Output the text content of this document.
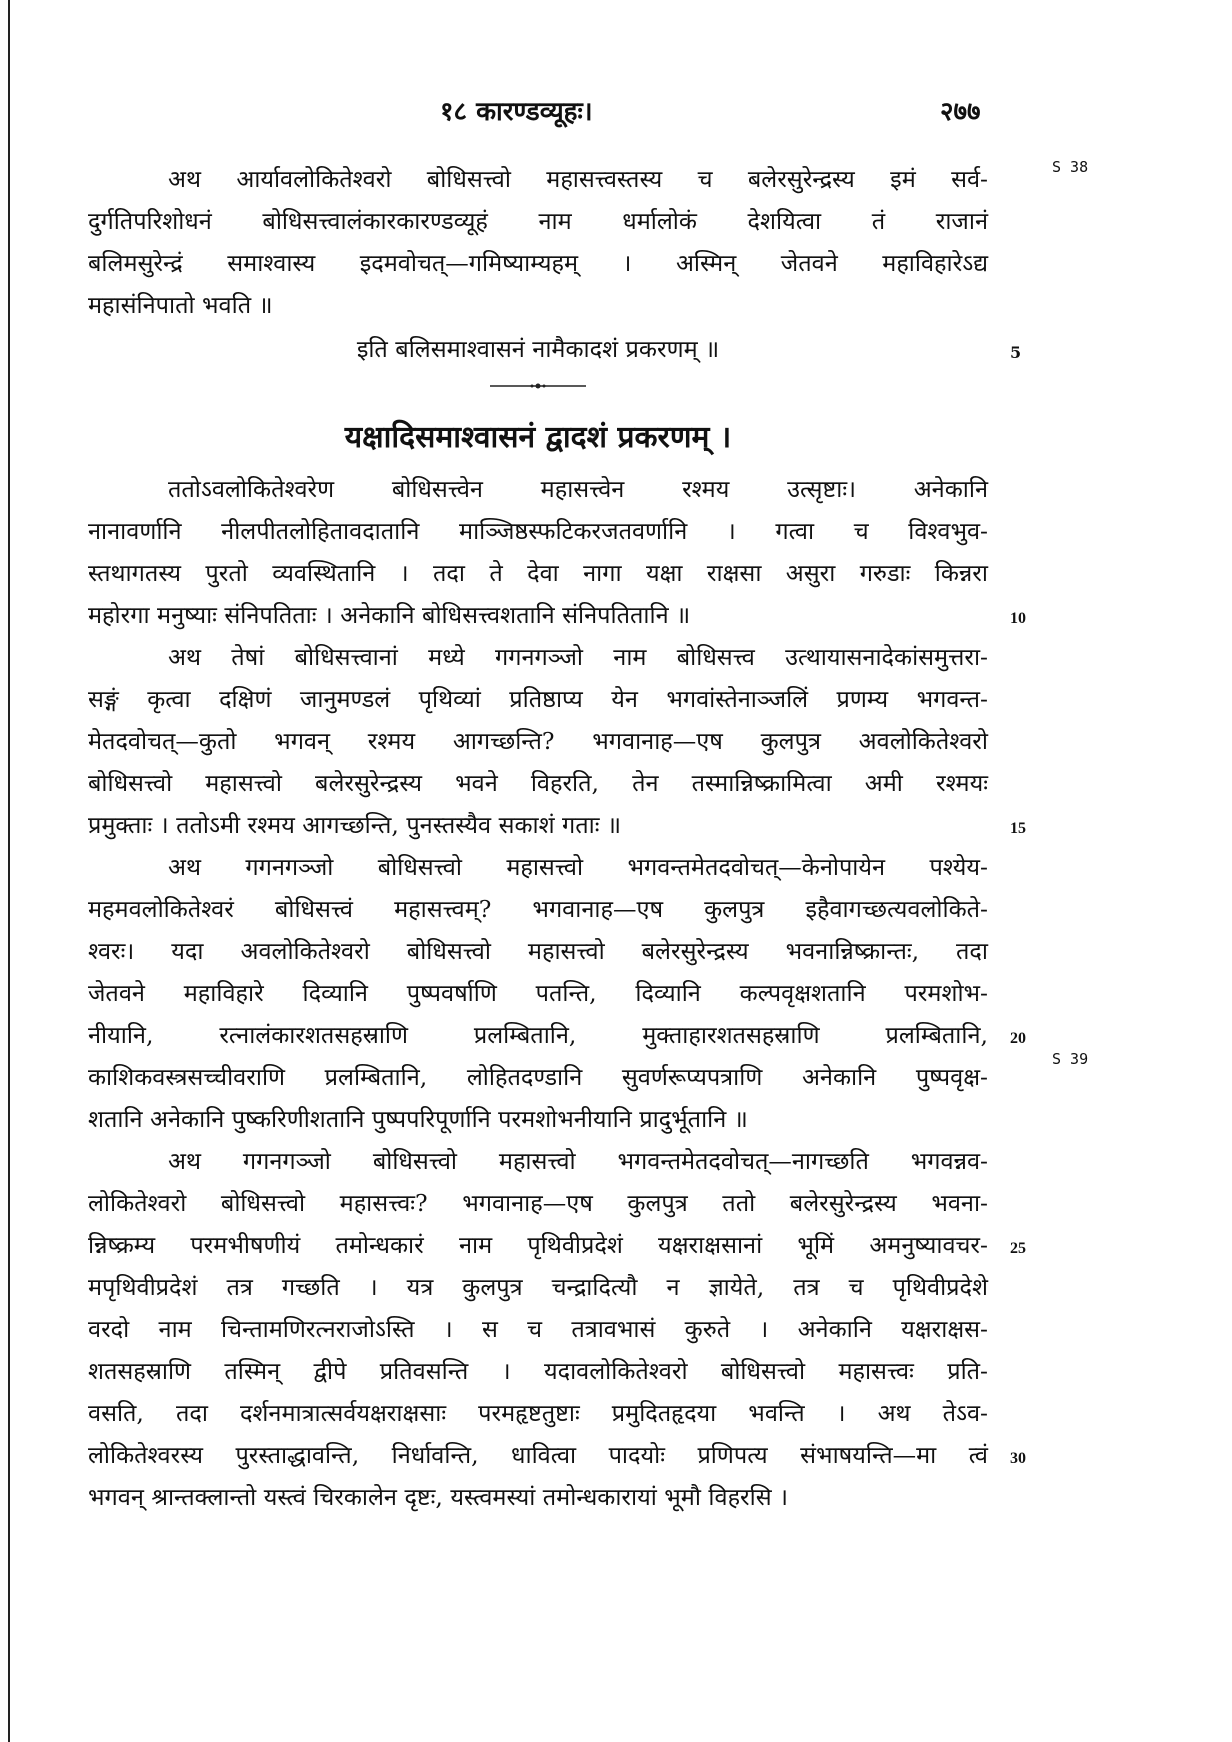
१८ कारण्डव्यूहः।	२७७
S 38
S 39
अथ आर्यावलोकितेश्वरो बोधिसत्त्वो महासत्त्वस्तस्य च बलेरसुरेन्द्रस्य इमं सर्व-
दुर्गतिपरिशोधनं बोधिसत्त्वालंकारकारण्डव्यूहं नाम धर्मालोकं देशयित्वा तं राजानं
बलिमसुरेन्द्रं समाश्वास्य इदमवोचत्—गमिष्याम्यहम् । अस्मिन् जेतवने महाविहारेऽद्य
महासंनिपातो भवति ॥
इति बलिसमाश्वासनं नामैकादशं प्रकरणम् ॥	5
यक्षादिसमाश्वासनं द्वादशं प्रकरणम् ।
ततोऽवलोकितेश्वरेण बोधिसत्त्वेन महासत्त्वेन रश्मय उत्सृष्टाः। अनेकानि
नानावर्णानि नीलपीतलोहितावदातानि माञ्जिष्ठस्फटिकरजतवर्णानि । गत्वा च विश्वभुव-
स्तथागतस्य पुरतो व्यवस्थितानि । तदा ते देवा नागा यक्षा राक्षसा असुरा गरुडाः किन्नरा
महोरगा मनुष्याः संनिपतिताः । अनेकानि बोधिसत्त्वशतानि संनिपतितानि ॥	10
अथ तेषां बोधिसत्त्वानां मध्ये गगनगञ्जो नाम बोधिसत्त्व उत्थायासनादेकांसमुत्तरा-
सङ्गं कृत्वा दक्षिणं जानुमण्डलं पृथिव्यां प्रतिष्ठाप्य येन भगवांस्तेनाञ्जलिं प्रणम्य भगवन्त-
मेतदवोचत्—कुतो भगवन् रश्मय आगच्छन्ति? भगवानाह—एष कुलपुत्र अवलोकितेश्वरो
बोधिसत्त्वो महासत्त्वो बलेरसुरेन्द्रस्य भवने विहरति, तेन तस्मान्निष्क्रामित्वा अमी रश्मयः
प्रमुक्ताः । ततोऽमी रश्मय आगच्छन्ति, पुनस्तस्यैव सकाशं गताः ॥	15
अथ गगनगञ्जो बोधिसत्त्वो महासत्त्वो भगवन्तमेतदवोचत्—केनोपायेन पश्येय-
महमवलोकितेश्वरं बोधिसत्त्वं महासत्त्वम्? भगवानाह—एष कुलपुत्र इहैवागच्छत्यवलोकिते-
श्वरः। यदा अवलोकितेश्वरो बोधिसत्त्वो महासत्त्वो बलेरसुरेन्द्रस्य भवनान्निष्क्रान्तः, तदा
जेतवने महाविहारे दिव्यानि पुष्पवर्षाणि पतन्ति, दिव्यानि कल्पवृक्षशतानि परमशोभ-
नीयानि, रत्नालंकारशतसहस्राणि प्रलम्बितानि, मुक्ताहारशतसहस्राणि प्रलम्बितानि, 20
काशिकवस्त्रसच्चीवराणि प्रलम्बितानि, लोहितदण्डानि सुवर्णरूप्यपत्राणि अनेकानि पुष्पवृक्ष-
शतानि अनेकानि पुष्करिणीशतानि पुष्पपरिपूर्णानि परमशोभनीयानि प्रादुर्भूतानि ॥
अथ गगनगञ्जो बोधिसत्त्वो महासत्त्वो भगवन्तमेतदवोचत्—नागच्छति भगवन्नव-
लोकितेश्वरो बोधिसत्त्वो महासत्त्वः? भगवानाह—एष कुलपुत्र ततो बलेरसुरेन्द्रस्य भवना-
न्निष्क्रम्य परमभीषणीयं तमोन्धकारं नाम पृथिवीप्रदेशं यक्षराक्षसानां भूमिं अमनुष्यावचर- 25
मपृथिवीप्रदेशं तत्र गच्छति । यत्र कुलपुत्र चन्द्रादित्यौ न ज्ञायेते, तत्र च पृथिवीप्रदेशे
वरदो नाम चिन्तामणिरत्नराजोऽस्ति । स च तत्रावभासं कुरुते । अनेकानि यक्षराक्षस-
शतसहस्राणि तस्मिन् द्वीपे प्रतिवसन्ति । यदावलोकितेश्वरो बोधिसत्त्वो महासत्त्वः प्रति-
वसति, तदा दर्शनमात्रात्सर्वयक्षराक्षसाः परमहृष्टतुष्टाः प्रमुदितहृदया भवन्ति । अथ तेऽव-
लोकितेश्वरस्य पुरस्ताद्धावन्ति, निर्धावन्ति, धावित्वा पादयोः प्रणिपत्य संभाषयन्ति—मा त्वं 30
भगवन् श्रान्तक्लान्तो यस्त्वं चिरकालेन दृष्टः, यस्त्वमस्यां तमोन्धकारायां भूमौ विहरसि ।
